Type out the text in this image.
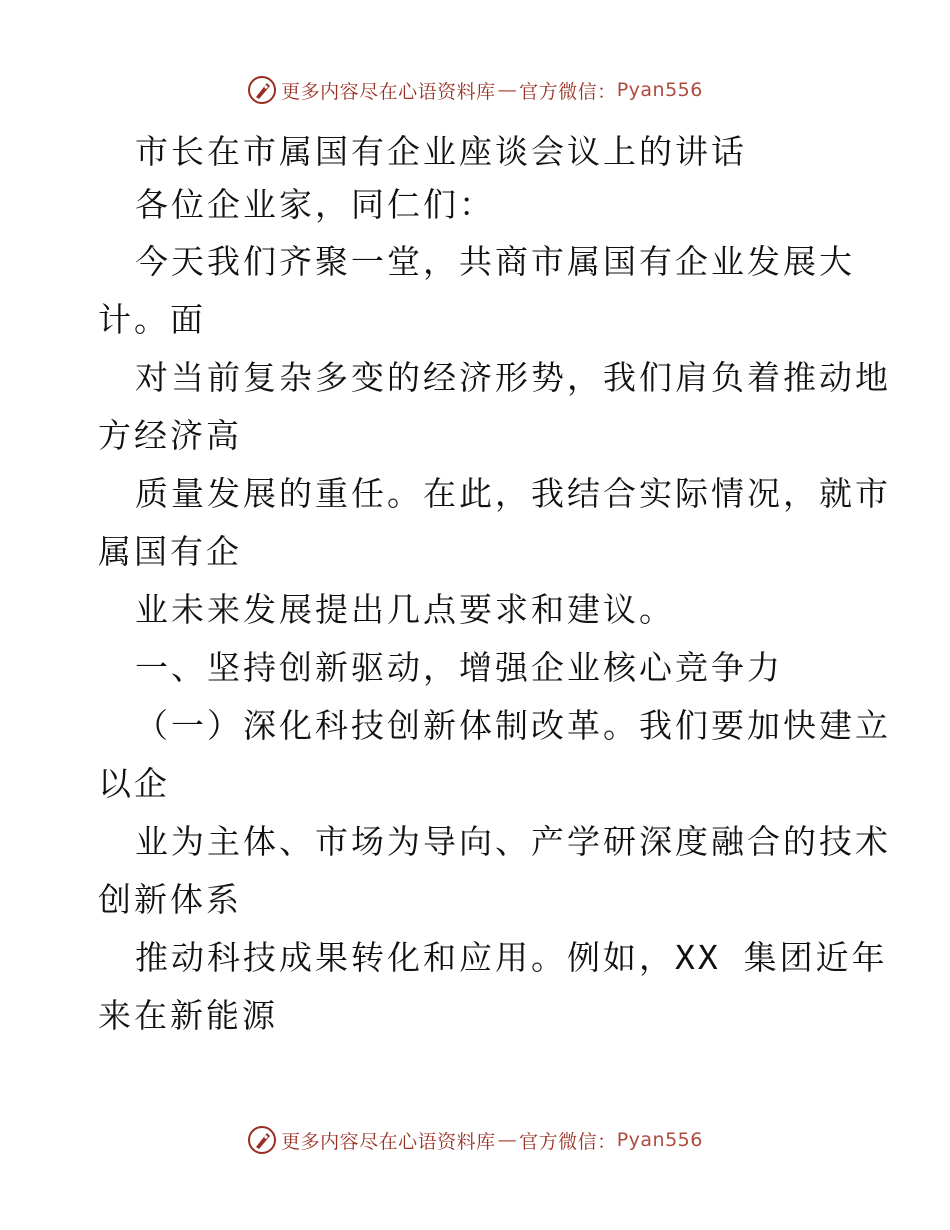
更多内容尽在心语资料库 — 官方微信： Pyan556
市长在市属国有企业座谈会议上的讲话
各位企业家，同仁们：
今天我们齐聚一堂，共商市属国有企业发展大
计。面
对当前复杂多变的经济形势，我们肩负着推动地
方经济高
质量发展的重任。在此，我结合实际情况，就市
属国有企
业未来发展提出几点要求和建议。
一、坚持创新驱动，增强企业核心竞争力
（一）深化科技创新体制改革。我们要加快建立
以企
业为主体、市场为导向、产学研深度融合的技术
创新体系
推动科技成果转化和应用。例如，XX 集团近年
来在新能源
更多内容尽在心语资料库 — 官方微信： Pyan556
